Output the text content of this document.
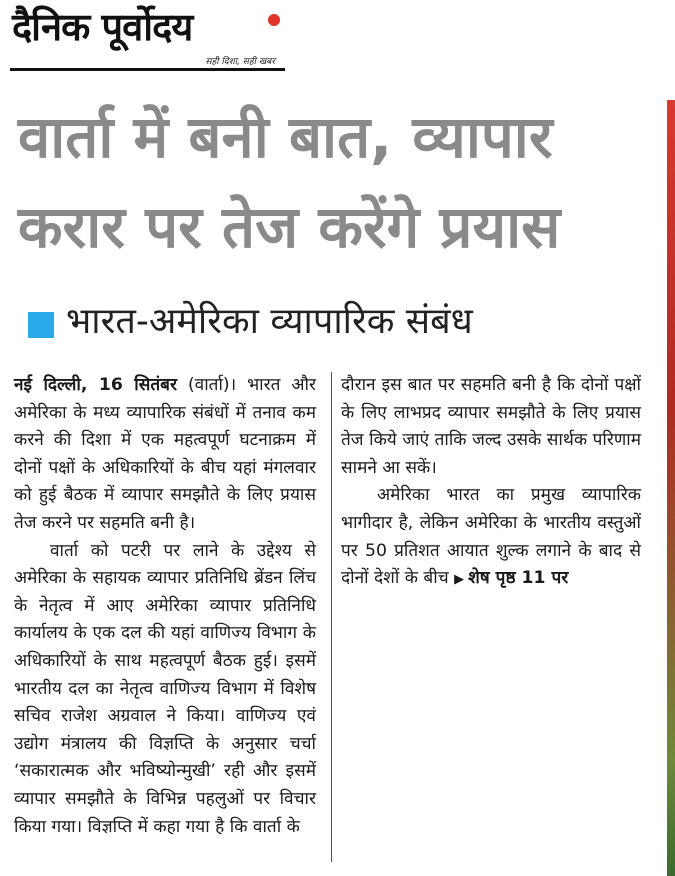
दैनिक पूर्वोदय
सही दिशा, सही खबर
वार्ता में बनी बात, व्यापार
करार पर तेज करेंगे प्रयास
भारत-अमेरिका व्यापारिक संबंध

नई दिल्ली, 16 सितंबर (वार्ता)। भारत और अमेरिका के मध्य व्यापारिक संबंधों में तनाव कम करने की दिशा में एक महत्वपूर्ण घटनाक्रम में दोनों पक्षों के अधिकारियों के बीच यहां मंगलवार को हुई बैठक में व्यापार समझौते के लिए प्रयास तेज करने पर सहमति बनी है।

वार्ता को पटरी पर लाने के उद्देश्य से अमेरिका के सहायक व्यापार प्रतिनिधि ब्रेंडन लिंच के नेतृत्व में आए अमेरिका व्यापार प्रतिनिधि कार्यालय के एक दल की यहां वाणिज्य विभाग के अधिकारियों के साथ महत्वपूर्ण बैठक हुई। इसमें भारतीय दल का नेतृत्व वाणिज्य विभाग में विशेष सचिव राजेश अग्रवाल ने किया। वाणिज्य एवं उद्योग मंत्रालय की विज्ञप्ति के अनुसार चर्चा ‘सकारात्मक और भविष्योन्मुखी’ रही और इसमें व्यापार समझौते के विभिन्न पहलुओं पर विचार किया गया। विज्ञप्ति में कहा गया है कि वार्ता के

दौरान इस बात पर सहमति बनी है कि दोनों पक्षों के लिए लाभप्रद व्यापार समझौते के लिए प्रयास तेज किये जाएं ताकि जल्द उसके सार्थक परिणाम सामने आ सकें।

अमेरिका भारत का प्रमुख व्यापारिक भागीदार है, लेकिन अमेरिका के भारतीय वस्तुओं पर 50 प्रतिशत आयात शुल्क लगाने के बाद से दोनों देशों के बीच ▶ शेष पृष्ठ 11 पर
